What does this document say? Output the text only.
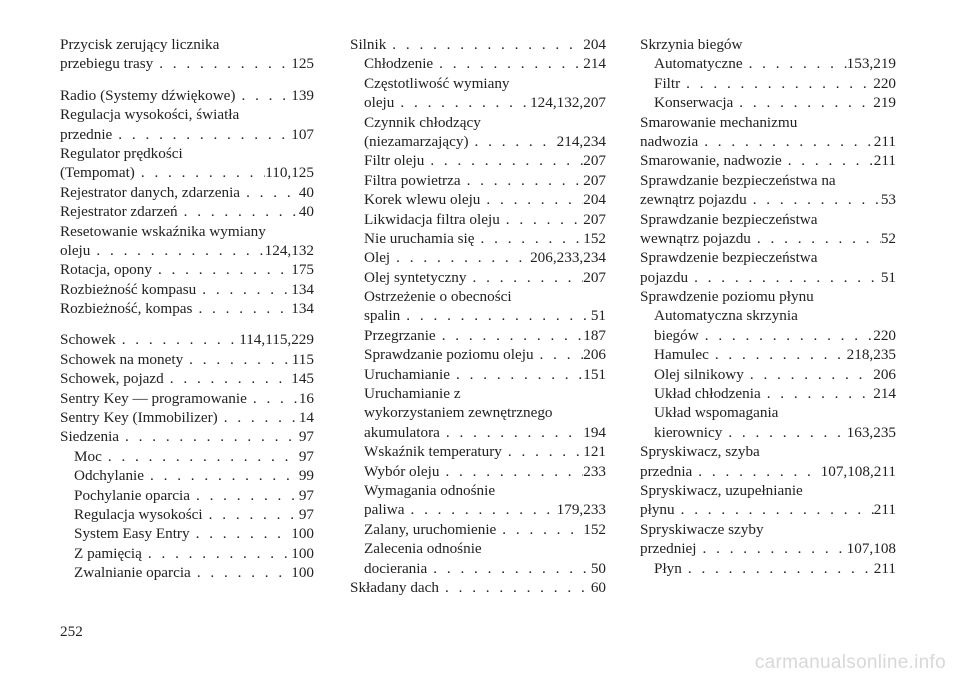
Przycisk zerujący licznika
przebiegu trasy . . .	125
Radio (Systemy dźwiękowe) . . .	139
Regulacja wysokości, światła
przednie . . .	107
Regulator prędkości
(Tempomat) . . .	110,125
Rejestrator danych, zdarzenia . . .	40
Rejestrator zdarzeń . . .	40
Resetowanie wskaźnika wymiany
oleju . . .	124,132
Rotacja, opony . . .	175
Rozbieżność kompasu . . .	134
Rozbieżność, kompas . . .	134
Schowek . . .	114,115,229
Schowek na monety . . .	115
Schowek, pojazd . . .	145
Sentry Key — programowanie . . .	16
Sentry Key (Immobilizer) . . .	14
Siedzenia . . .	97
Moc . . .	97
Odchylanie . . .	99
Pochylanie oparcia . . .	97
Regulacja wysokości . . .	97
System Easy Entry . . .	100
Z pamięcią . . .	100
Zwalnianie oparcia . . .	100
Silnik . . .	204
Chłodzenie . . .	214
Częstotliwość wymiany
oleju . . .	124,132,207
Czynnik chłodzący
(niezamarzający) . . .	214,234
Filtr oleju . . .	207
Filtra powietrza . . .	207
Korek wlewu oleju . . .	204
Likwidacja filtra oleju . . .	207
Nie uruchamia się . . .	152
Olej . . .	206,233,234
Olej syntetyczny . . .	207
Ostrzeżenie o obecności
spalin . . .	51
Przegrzanie . . .	187
Sprawdzanie poziomu oleju . . .	206
Uruchamianie . . .	151
Uruchamianie z
wykorzystaniem zewnętrznego
akumulatora . . .	194
Wskaźnik temperatury . . .	121
Wybór oleju . . .	233
Wymagania odnośnie
paliwa . . .	179,233
Zalany, uruchomienie . . .	152
Zalecenia odnośnie
docierania . . .	50
Składany dach . . .	60
Skrzynia biegów
Automatyczne . . .	153,219
Filtr . . .	220
Konserwacja . . .	219
Smarowanie mechanizmu
nadwozia . . .	211
Smarowanie, nadwozie . . .	211
Sprawdzanie bezpieczeństwa na
zewnątrz pojazdu . . .	53
Sprawdzanie bezpieczeństwa
wewnątrz pojazdu . . .	52
Sprawdzenie bezpieczeństwa
pojazdu . . .	51
Sprawdzenie poziomu płynu
Automatyczna skrzynia
biegów . . .	220
Hamulec . . .	218,235
Olej silnikowy . . .	206
Układ chłodzenia . . .	214
Układ wspomagania
kierownicy . . .	163,235
Spryskiwacz, szyba
przednia . . .	107,108,211
Spryskiwacz, uzupełnianie
płynu . . .	211
Spryskiwacze szyby
przedniej . . .	107,108
Płyn . . .	211
252
carmanualsonline.info
